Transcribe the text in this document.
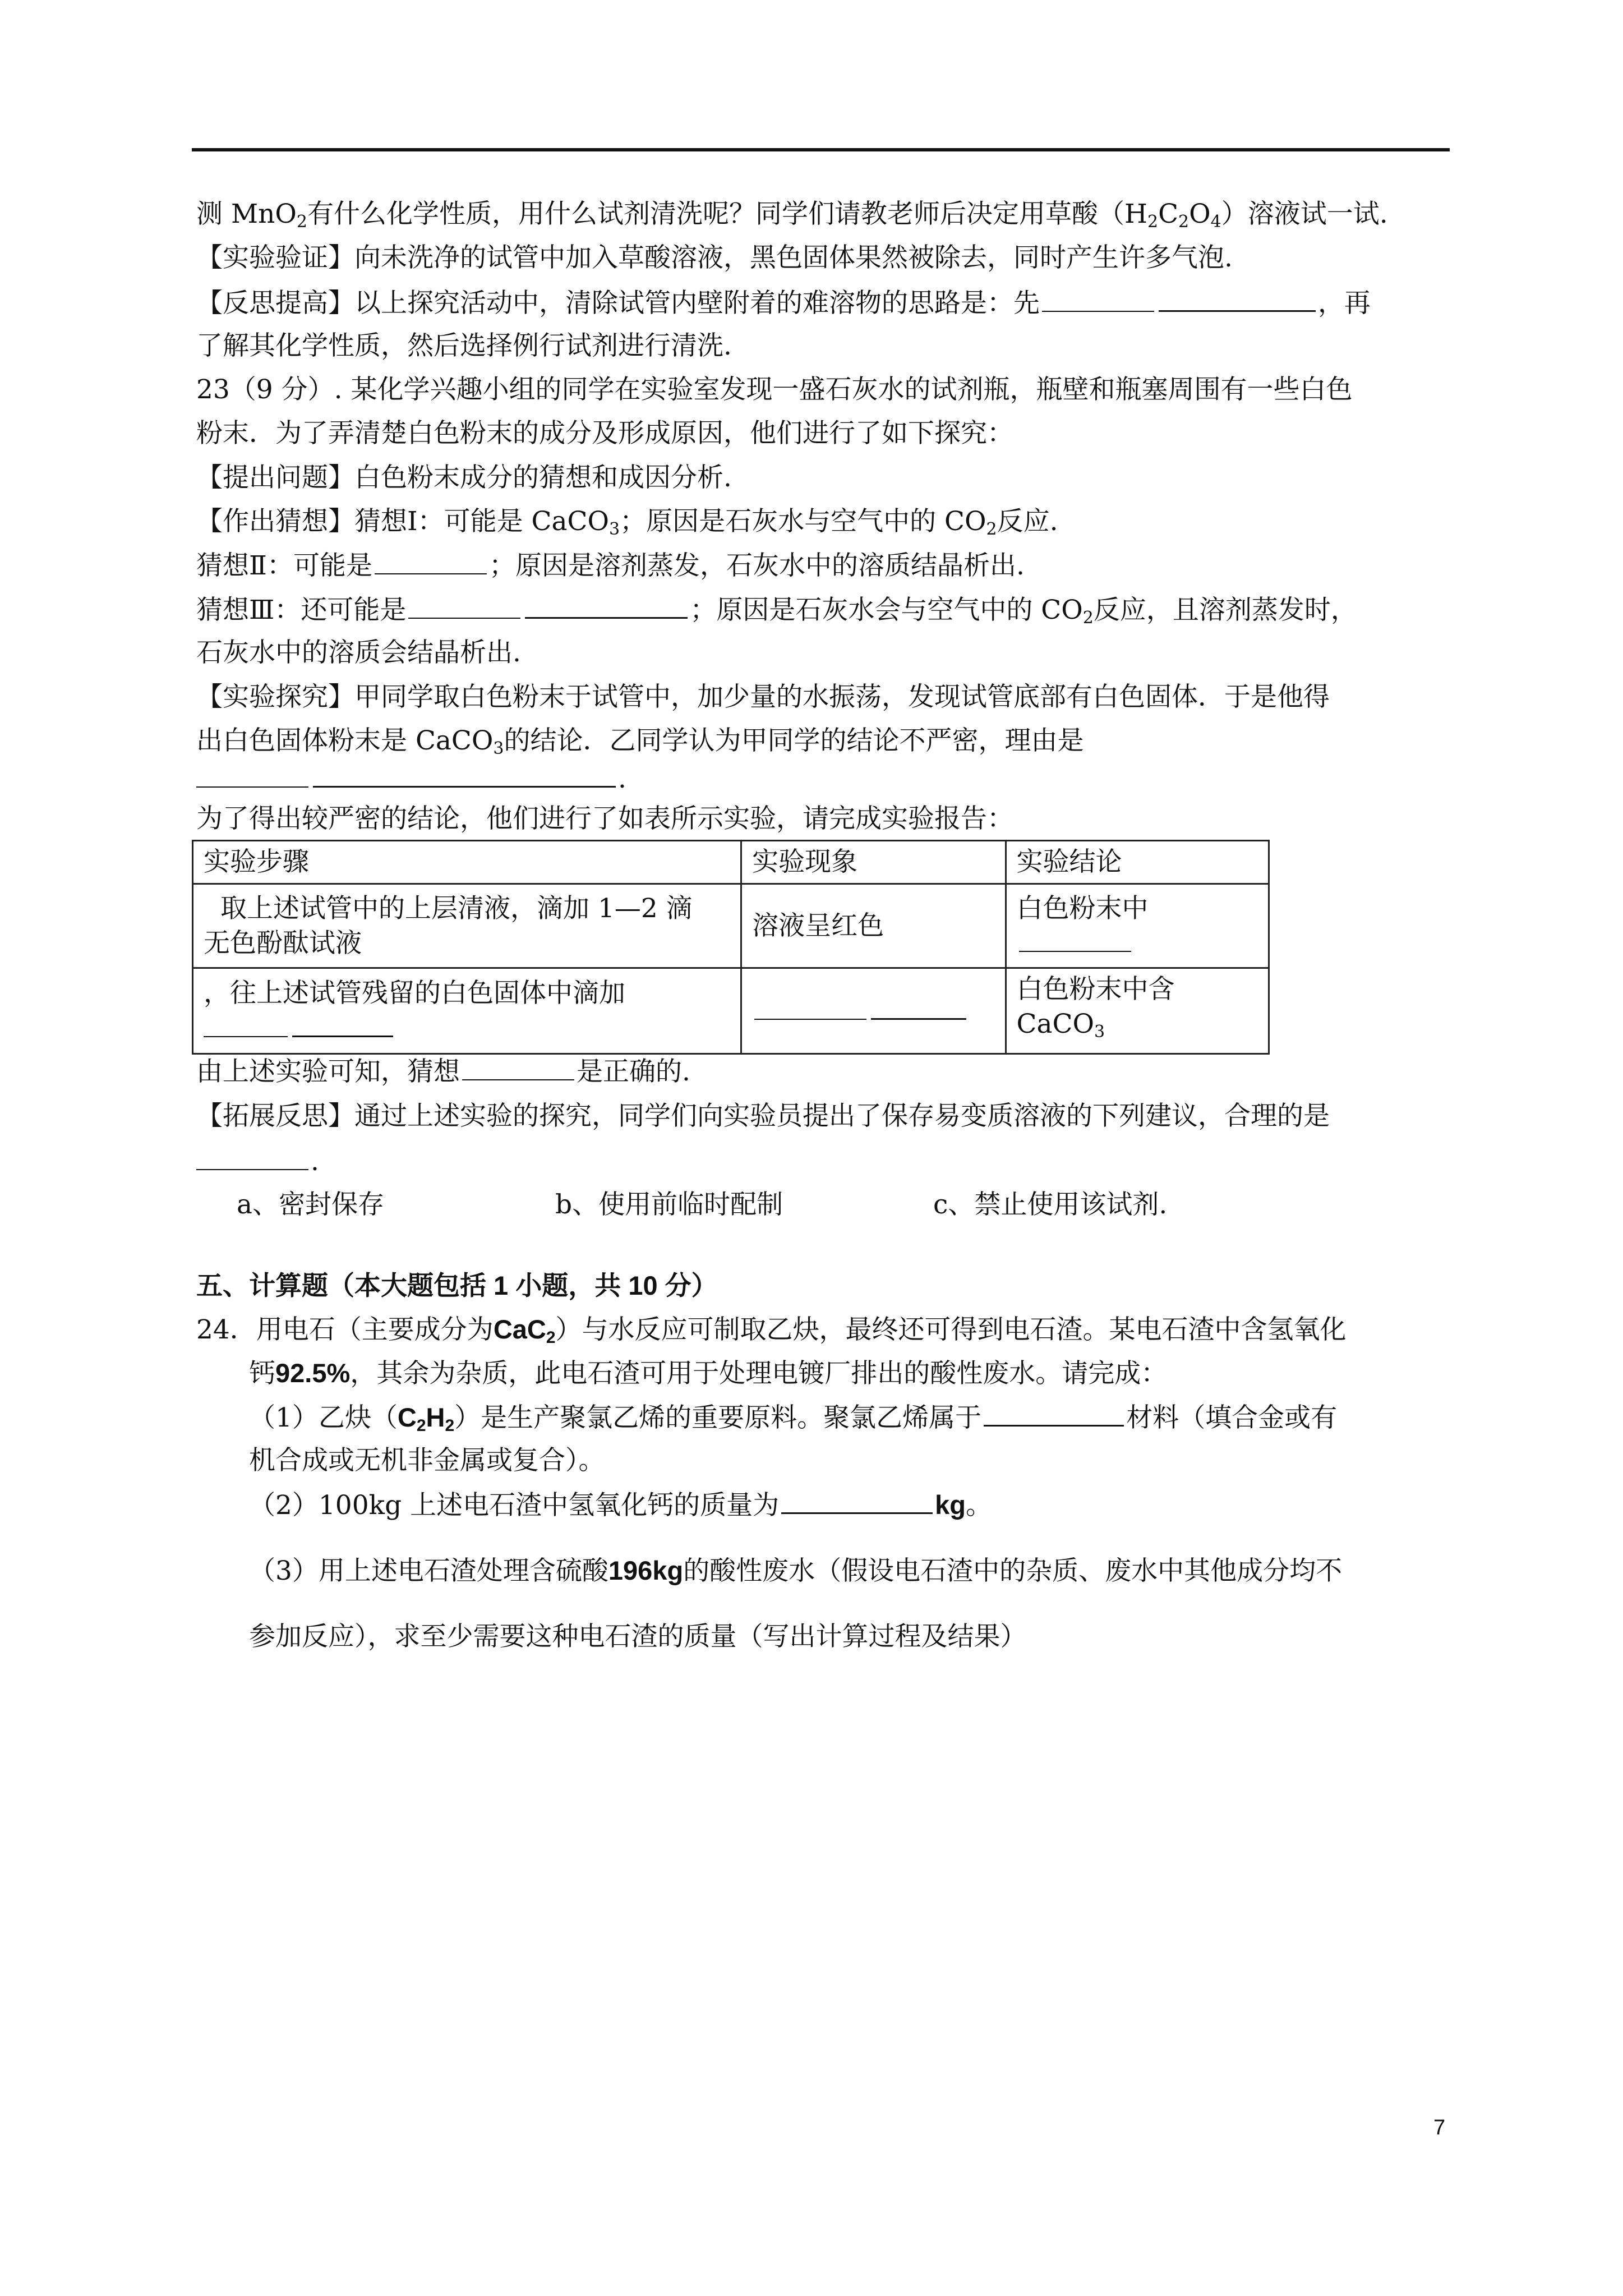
测 MnO$_2$有什么化学性质，用什么试剂清洗呢？同学们请教老师后决定用草酸$(H_2C_2O_4)$溶液试一试.
【实验验证】向未洗净的试管中加入草酸溶液，黑色固体果然被除去，同时产生许多气泡.
【反思提高】以上探究活动中，清除试管内壁附着的难溶物的思路是：先	，再
了解其化学性质，然后选择例行试剂进行清洗.
23（9 分）. 某化学兴趣小组的同学在实验室发现一盛石灰水的试剂瓶，瓶壁和瓶塞周围有一些白色
粉末．为了弄清楚白色粉末的成分及形成原因，他们进行了如下探究：
【提出问题】白色粉末成分的猜想和成因分析.
【作出猜想】猜想Ⅰ：可能是 CaCO$_3$；原因是石灰水与空气中的 $CO_2$反应.
猜想Ⅱ：可能是	；原因是溶剂蒸发，石灰水中的溶质结晶析出.
猜想Ⅲ：还可能是	；原因是石灰水会与空气中的 $CO_2$反应，且溶剂蒸发时，
石灰水中的溶质会结晶析出.
【实验探究】甲同学取白色粉末于试管中，加少量的水振荡，发现试管底部有白色固体．于是他得
出白色固体粉末是 CaCO$_3$的结论．乙同学认为甲同学的结论不严密，理由是
.
为了得出较严密的结论，他们进行了如表所示实验，请完成实验报告：
实验步骤	实验现象	实验结论

取上述试管中的上层清液，滴加 1—2 滴
无色酚酞试液	溶液呈红色	白色粉末中

，往上述试管残留的白色固体中滴加		白色粉末中含 CaCO$_3$
由上述实验可知，猜想	是正确的.
【拓展反思】通过上述实验的探究，同学们向实验员提出了保存易变质溶液的下列建议，合理的是
.
a、密封保存	b、使用前临时配制	c、禁止使用该试剂.
五、计算题（本大题包括 1 小题，共 10 分）
24．用电石（主要成分为CaC$_2$）与水反应可制取乙炔，最终还可得到电石渣。某电石渣中含氢氧化
钙92.5%，其余为杂质，此电石渣可用于处理电镀厂排出的酸性废水。请完成：
（1）乙炔$(C_2H_2)$是生产聚氯乙烯的重要原料。聚氯乙烯属于	材料（填合金或有
机合成或无机非金属或复合）。
（2）100kg 上述电石渣中氢氧化钙的质量为	kg。
（3）用上述电石渣处理含硫酸196kg的酸性废水（假设电石渣中的杂质、废水中其他成分均不
参加反应），求至少需要这种电石渣的质量（写出计算过程及结果）
7
